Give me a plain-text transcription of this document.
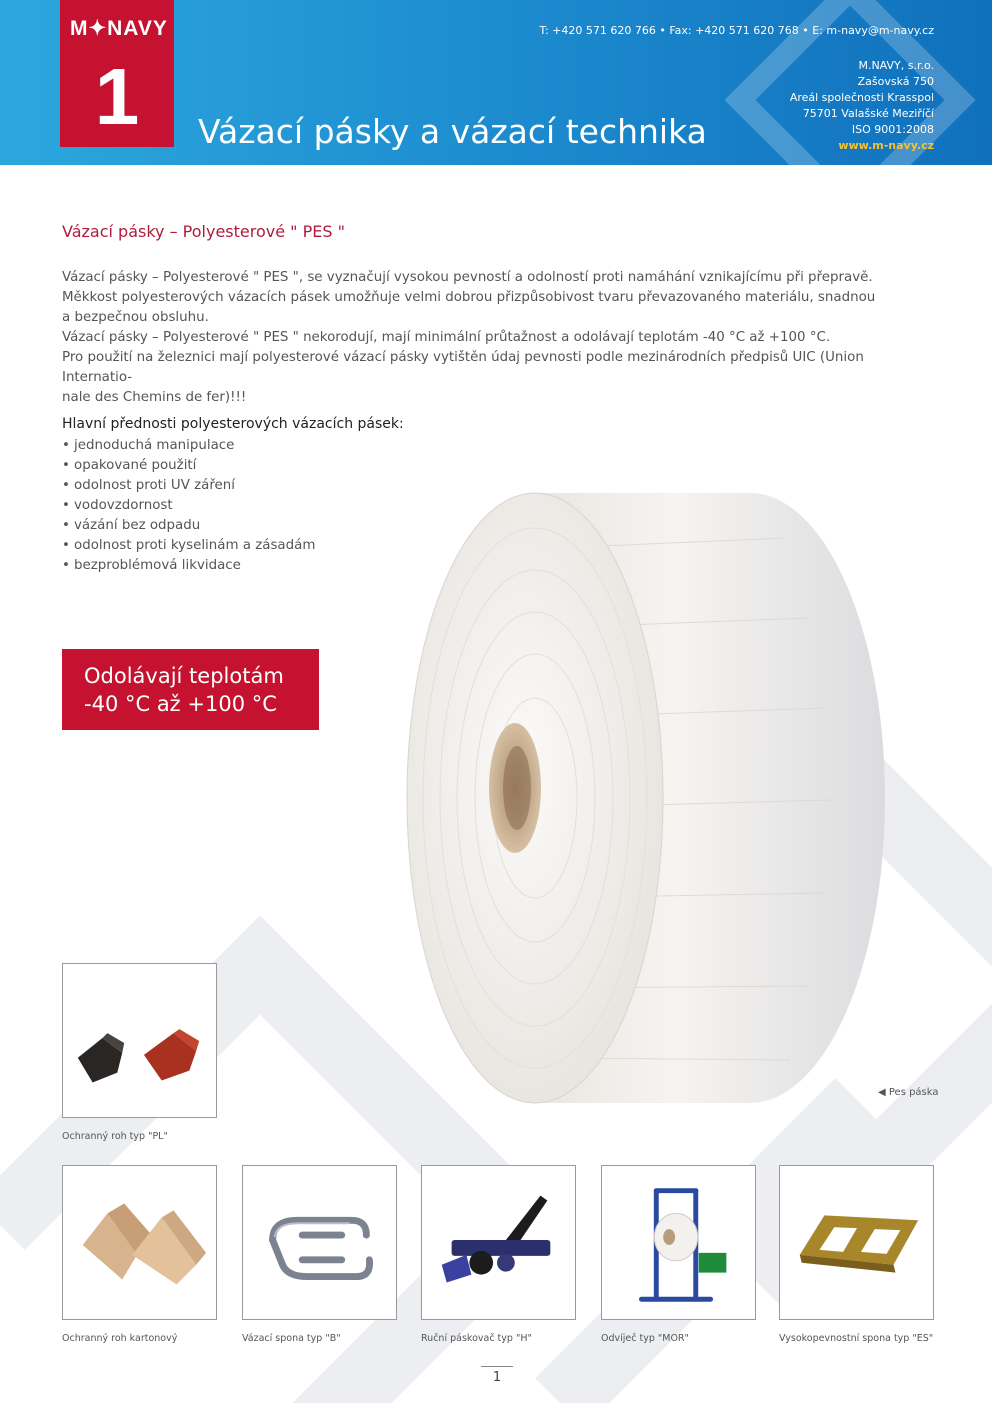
M✦NAVY
1	Vázací pásky a vázací technika
T: +420 571 620 766 • Fax: +420 571 620 768 • E: m-navy@m-navy.cz
M.NAVY, s.r.o.
Zašovská 750
Areál společnosti Krasspol
75701 Valašské Meziříčí
ISO 9001:2008
www.m-navy.cz
Vázací pásky – Polyesterové " PES "

Vázací pásky – Polyesterové " PES ", se vyznačují vysokou pevností a odolností proti namáhání vznikajícímu při přepravě.

Měkkost polyesterových vázacích pásek umožňuje velmi dobrou přizpůsobivost tvaru převazovaného materiálu, snadnou

a bezpečnou obsluhu.

Vázací pásky – Polyesterové " PES " nekorodují, mají minimální průtažnost a odolávají teplotám -40 °C až +100 °C.

Pro použití na železnici mají polyesterové vázací pásky vytištěn údaj pevnosti podle mezinárodních předpisů UIC (Union Internatio-

nale des Chemins de fer)!!!

Hlavní přednosti polyesterových vázacích pásek:
• jednoduchá manipulace
• opakované použití
• odolnost proti UV záření
• vodovzdornost
• vázání bez odpadu
• odolnost proti kyselinám a zásadám
• bezproblémová likvidace
Odolávají teplotám
-40 °C až +100 °C
◀ Pes páska
Ochranný roh typ "PL"
Ochranný roh kartonový	Vázací spona typ "B"	Ruční páskovač typ "H"	Odvíječ typ "MOR"	Vysokopevnostní spona typ "ES"
1
